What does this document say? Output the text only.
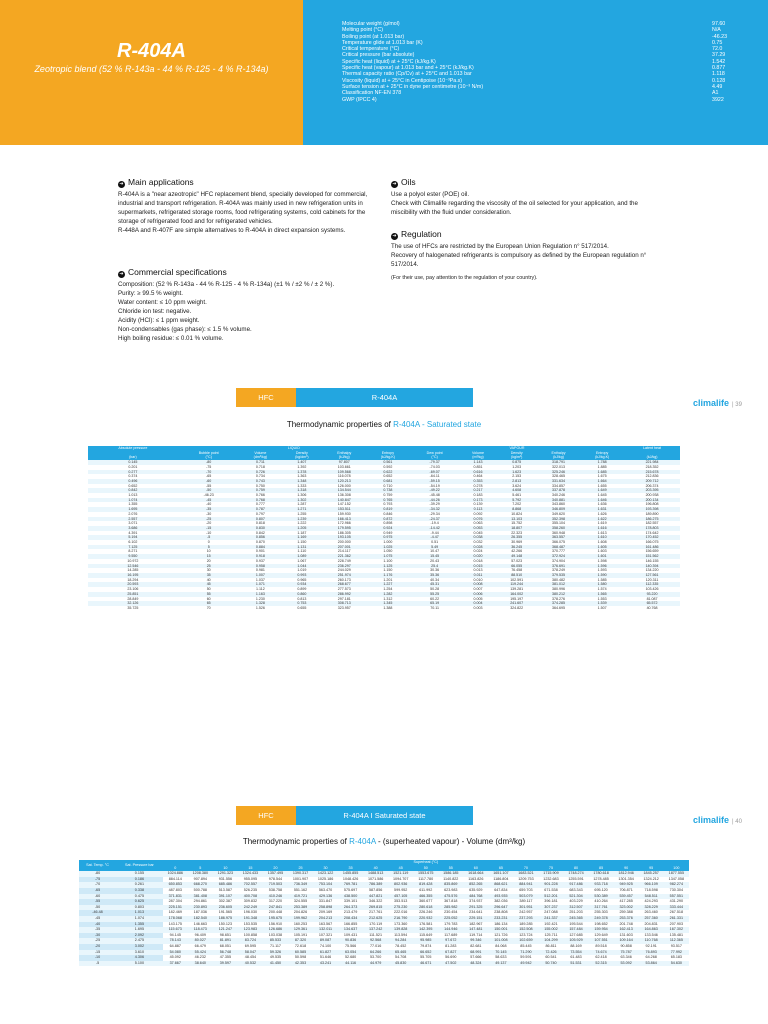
R-404A
Zeotropic blend (52 % R-143a - 44 % R-125 - 4 % R-134a)
Molecular weight (g/mol)	97.60
Melting point (°C)	N/A
Boiling point (at 1.013 bar)	-46.23
Temperature glide at 1.013 bar (K)	0.75
Critical temperature (°C)	72.0
Critical pressure (bar absolute)	37.29
Specific heat (liquid) at + 25°C (kJ/kg.K)	1.542
Specific heat (vapour) at 1.013 bar and + 25°C (kJ/kg.K)	0.877
Thermal capacity ratio (Cp/Cv) at + 25°C and 1.013 bar	1.118
Viscosity (liquid) at + 25°C in Centipoise (10⁻³Pa.s)	0.128
Surface tension at + 25°C in dyne per centimetre (10⁻³ N/m)	4.49
Classification NF-EN 378	A1
GWP (IPCC 4)	3922
➜ Main applications

R-404A is a "near azeotropic" HFC replacement blend, specially developed for commercial, industrial and transport refrigeration. R-404A was mainly used in new refrigeration units in supermarkets, refrigerated storage rooms, food refrigerating systems, cold cabinets for the storage of refrigerated food and for refrigerated vehicles.

R-448A and R-407F are simple alternatives to R-404A in direct expansion systems.

➜ Commercial specifications

Composition: (52 % R-143a - 44 % R-125 - 4 % R-134a) (±1 % / ±2 % / ± 2 %).

Purity: ≥ 99.5 % weight.

Water content: ≤ 10 ppm weight.

Chloride ion test: negative.

Acidity (HCl): ≤ 1 ppm weight.

Non-condensables (gas phase): ≤ 1.5 % volume.

High boiling residue: ≤ 0.01 % volume.

➜ Oils

Use a polyol ester (POE) oil.

Check with Climalife regarding the viscosity of the oil selected for your application, and the miscibility with the fluid under consideration.

➜ Regulation

The use of HFCs are restricted by the European Union Regulation n° 517/2014.

Recovery of halogenated refrigerants is compulsory as defined by the European regulation n° 517/2014.

(For their use, pay attention to the regulation of your country).

HFC	R-404A
climalife | 39
Thermodynamic properties of R-404A - Saturated state
Absolute pressure	LIQUID					VAPOUR					Latent heat
	Bubble point	Volume	Density	Enthalpy	Entropy	Dew point	Volume	Density	Enthalpy	Entropy	
(bar)	(°C)	(dm³/kg)	(kg/dm³)	(kJ/kg)	(kJ/kg.K)	(°C)	(m³/kg)	(kg/m³)	(kJ/kg)	(kJ/kg.K)	(kJ/kg)
0.145	-80	0.711	1.407	97.807	0.561	-79.37	1.143	0.875	318.791	1.788	221.984
0.201	-75	0.718	1.392	103.661	0.592	-74.03	0.851	1.203	322.013	1.885	218.352
0.277	-70	0.726	1.378	109.568	0.622	-69.07	0.616	1.623	325.246	1.685	215.678
0.374	-65	0.734	1.363	116.078	0.652	-64.11	0.464	2.153	328.465	1.675	212.836
0.496	-60	0.743	1.348	120.213	0.681	-59.15	0.353	2.813	331.634	1.664	209.712
0.652	-55	0.750	1.333	126.000	0.710	-54.19	0.278	3.624	334.857	1.655	206.374
0.842	-50	0.759	1.318	134.544	0.738	-49.22	0.217	4.608	337.878	1.649	203.395
1.013	-46.23	0.766	1.306	136.308	0.759	-45.48	0.183	5.461	340.246	1.645	200.938
1.074	-45	0.768	1.302	140.847	0.765	-44.26	0.173	5.792	340.881	1.646	200.134
1.355	-40	0.777	1.287	147.152	0.793	-39.29	0.139	7.202	343.860	1.636	196.808
1.695	-35	0.787	1.271	153.511	0.819	-34.32	0.113	8.868	346.809	1.631	193.398
2.076	-30	0.797	1.255	159.930	0.846	-29.34	0.092	10.824	349.620	1.626	189.890
2.557	-25	0.807	1.239	166.413	0.872	-24.37	0.076	13.103	352.398	1.622	186.275
3.071	-20	0.818	1.222	172.966	0.898	-19.4	0.063	15.752	355.104	1.619	182.557
3.686	-15	0.830	1.205	179.595	0.924	-14.42	0.053	18.807	358.260	1.616	178.803
4.391	-10	0.842	1.187	186.305	0.949	-9.44	0.045	22.323	360.948	1.613	174.642
5.194	-5	0.856	1.169	193.105	0.975	-4.47	0.038	26.355	363.557	1.610	170.452
6.102	0	0.870	1.150	200.000	1.000	0.51	0.032	30.969	366.075	1.608	166.075
7.125	5	0.884	1.131	207.001	1.025	5.49	0.028	36.245	368.487	1.605	161.486
8.271	10	0.901	1.110	214.117	1.050	10.47	0.024	42.266	370.777	1.603	156.659
9.550	15	0.918	1.089	221.362	1.075	15.45	0.020	49.148	372.924	1.601	151.562
10.972	20	0.937	1.067	228.749	1.100	20.43	0.018	57.023	374.904	1.598	146.155
12.546	25	0.958	1.044	236.297	1.125	25.4	0.015	66.055	376.691	1.596	140.394
14.285	30	0.981	1.019	244.029	1.150	30.36	0.013	76.458	378.249	1.593	134.220
16.195	35	1.007	0.993	251.974	1.176	35.36	0.011	88.510	379.535	1.590	127.561
18.294	40	1.037	0.965	260.173	1.201	40.34	0.010	102.591	380.482	1.585	120.311
20.593	45	1.071	0.934	268.677	1.227	45.31	0.008	119.244	381.012	1.580	112.335
23.106	50	1.112	0.899	277.573	1.254	50.28	0.007	139.281	380.996	1.574	103.426
25.851	55	1.163	0.860	286.992	1.282	55.25	0.006	164.002	380.212	1.565	93.220
28.849	60	1.230	0.813	297.181	1.312	60.22	0.005	195.197	378.276	1.553	81.087
32.126	65	1.328	0.753	308.713	1.345	65.19	0.004	241.607	374.285	1.539	65.572
35.725	70	1.526	0.655	323.957	1.388	70.11	0.003	324.822	364.695	1.507	40.768
HFC	R-404A I Saturated state	climalife | 40
Thermodynamic properties of R-404A - (superheated vapour) - Volume (dm³/kg)
Sat. Temp. °C	Sat. Pressure bar	Superheat (°C)																				
		0	5	10	15	20	25	30	35	40	45	50	55	60	65	70	75	80	85	90	95	100
-80	0.155	1024.886	1208.380	1291.323	1324.433	1357.495	1390.317	1423.122	1455.855	1488.513	1521.119	1553.675	1586.185	1618.664	1651.107	1683.521	1715.909	1748.274	1780.618	1812.946	1845.257	1877.555
-75	0.186	884.114	907.894	931.556	955.095	978.544	1001.907	1025.186	1048.426	1071.586	1094.707	1117.780	1140.822	1163.826	1186.804	1209.753	1232.683	1255.591	1278.485	1301.354	1324.212	1347.058
-70	0.261	650.853	668.270	685.486	702.557	719.503	736.349	753.104	769.781	786.389	802.936	819.428	835.869	852.265	868.621	884.941	901.228	917.486	933.718	949.925	966.109	982.274
-65	0.338	487.803	500.788	513.587	526.235	538.758	551.162	563.470	575.697	587.856	599.952	611.992	623.983	635.929	647.834	659.703	671.538	683.343	695.120	706.871	718.598	730.304
-60	0.475	371.831	381.408	391.107	400.708	410.246	419.721	429.136	438.500	447.821	457.105	466.355	475.576	484.768	493.935	503.079	512.201	521.304	530.389	539.457	548.511	557.551
-55	0.625	287.304	294.861	302.387	309.832	317.220	324.555	331.847	339.101	346.322	353.513	360.677	367.818	374.937	382.036	389.117	396.181	403.229	410.264	417.285	424.293	431.290
-50	0.803	225.151	230.893	236.605	242.249	247.841	253.389	258.898	264.373	269.815	275.230	280.618	285.982	291.325	296.647	301.951	307.237	312.507	317.761	323.002	328.229	333.444
-46.48	1.013	182.469	187.036	191.565	196.030	200.448	204.826	209.169	213.479	217.761	222.016	226.246	230.454	234.641	238.808	242.957	247.088	251.203	255.303	259.388	263.460	267.518
-45	1.074	178.068	182.540	186.975	191.348	195.675	199.962	204.213	208.434	212.625	216.790	220.932	225.052	229.151	233.231	237.293	241.337	245.365	249.378	253.376	257.360	261.331
-40	1.355	143.175	146.663	150.123	153.535	156.910	160.253	163.567	166.855	170.119	173.360	176.581	179.783	182.967	186.134	189.285	192.421	195.544	198.652	201.748	204.831	207.903
-35	1.695	115.673	118.473	121.247	123.983	126.686	129.361	132.011	134.637	137.242	139.828	142.395	144.946	147.481	150.001	152.508	155.002	157.484	159.954	162.413	164.863	167.302
-30	2.092	94.145	96.409	98.651	100.858	103.038	105.191	107.321	109.431	111.521	113.594	115.649	117.689	119.714	121.726	123.724	125.711	127.685	129.649	131.603	133.546	135.481
-25	2.475	78.143	80.027	81.891	83.724	85.533	87.320	89.087	90.836	92.568	94.284	95.985	97.672	99.346	101.008	102.659	104.299	105.929	107.551	109.164	110.768	112.365
-20	3.002	64.887	66.479	68.051	69.595	71.117	72.618	74.100	75.566	77.016	78.452	79.874	81.283	82.681	84.068	85.445	86.811	88.169	89.518	90.858	92.191	93.517
-15	3.610	54.080	55.424	56.748	58.047	59.326	60.585	61.827	63.054	64.266	65.465	66.652	67.827	68.991	70.145	71.290	72.426	73.554	74.674	75.787	76.893	77.992
-10	4.306	45.092	46.232	47.355	48.454	49.535	50.598	51.646	52.680	53.700	54.708	55.705	56.690	57.666	58.633	59.591	60.541	61.483	62.418	63.346	64.268	65.183
-5	5.100	37.667	38.640	39.597	40.532	41.450	42.353	43.241	44.116	44.979	45.830	46.671	47.502	48.324	49.137	49.942	50.740	51.531	52.315	53.092	53.864	54.630
